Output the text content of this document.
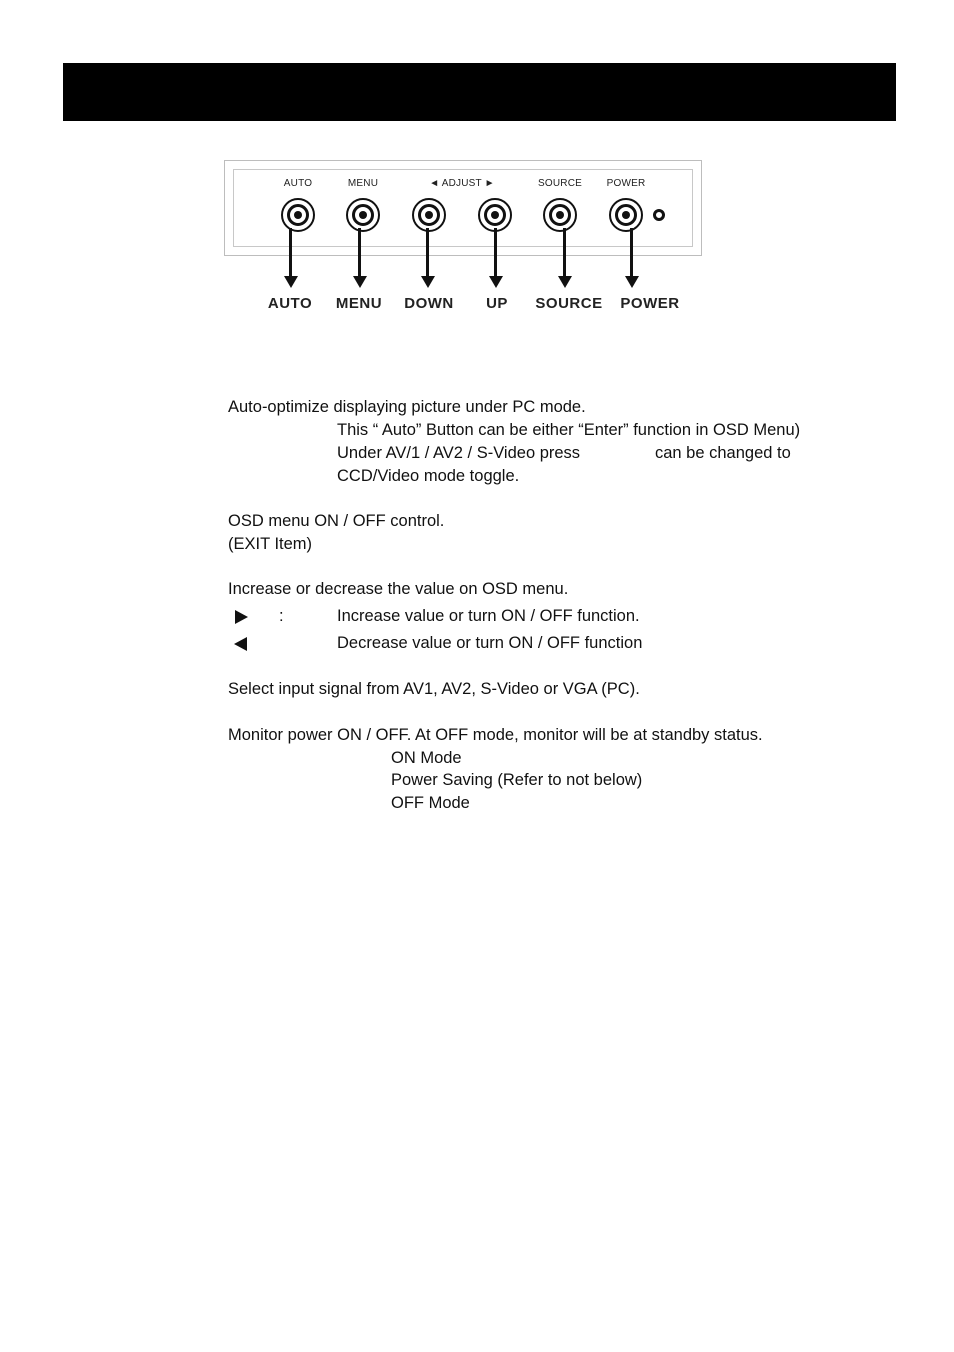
AUTO	MENU	◄ ADJUST ►	SOURCE POWER
AUTO MENU DOWN UP SOURCE POWER
Auto-optimize displaying picture under PC mode.
This “ Auto” Button can be either “Enter” function in OSD Menu)
Under AV/1 / AV2 / S-Video press	can be changed to
CCD/Video mode toggle.
OSD menu ON / OFF control.
(EXIT Item)
Increase or decrease the value on OSD menu.
:	Increase value or turn ON / OFF function.
Decrease value or turn ON / OFF function
Select input signal from AV1, AV2, S-Video or VGA (PC).
Monitor power ON / OFF. At OFF mode, monitor will be at standby status.
ON Mode
Power Saving (Refer to not below)
OFF Mode
